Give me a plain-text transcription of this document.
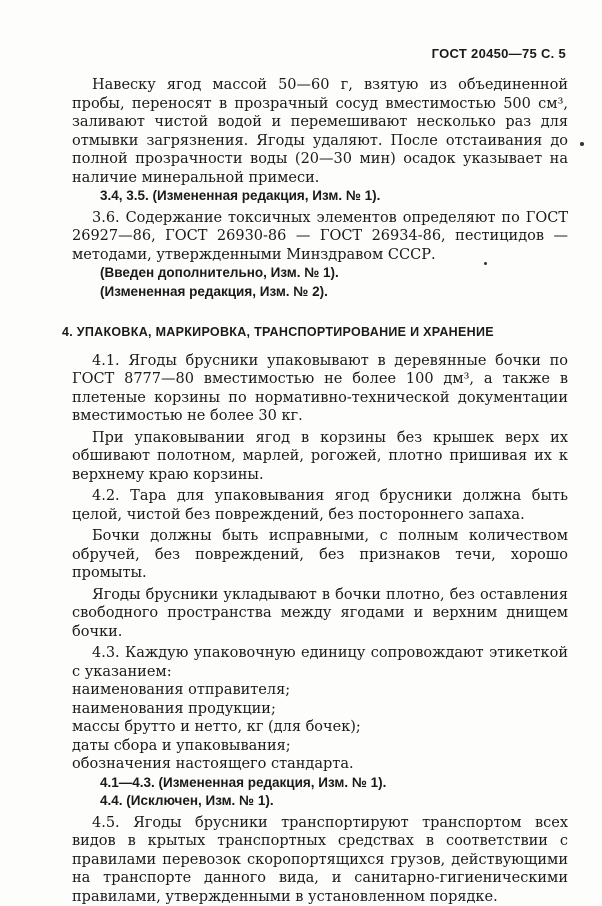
ГОСТ 20450—75 С. 5

Навеску ягод массой 50—60 г, взятую из объединенной пробы, переносят в прозрачный сосуд вместимостью 500 см³, заливают чистой водой и перемешивают несколько раз для отмывки загрязнения. Ягоды удаляют. После отстаивания до полной прозрачности воды (20—30 мин) осадок указывает на наличие минеральной примеси.

3.4, 3.5. (Измененная редакция, Изм. № 1).

3.6. Содержание токсичных элементов определяют по ГОСТ 26927—86, ГОСТ 26930-86 — ГОСТ 26934-86, пестицидов — методами, утвержденными Минздравом СССР.

(Введен дополнительно, Изм. № 1).

(Измененная редакция, Изм. № 2).

4. УПАКОВКА, МАРКИРОВКА, ТРАНСПОРТИРОВАНИЕ И ХРАНЕНИЕ

4.1. Ягоды брусники упаковывают в деревянные бочки по ГОСТ 8777—80 вместимостью не более 100 дм³, а также в плетеные корзины по нормативно-технической документации вместимостью не более 30 кг.

При упаковывании ягод в корзины без крышек верх их обшивают полотном, марлей, рогожей, плотно пришивая их к верхнему краю корзины.

4.2. Тара для упаковывания ягод брусники должна быть целой, чистой без повреждений, без постороннего запаха.

Бочки должны быть исправными, с полным количеством обручей, без повреждений, без признаков течи, хорошо промыты.

Ягоды брусники укладывают в бочки плотно, без оставления свободного пространства между ягодами и верхним днищем бочки.

4.3. Каждую упаковочную единицу сопровождают этикеткой с указанием:

наименования отправителя;

наименования продукции;

массы брутто и нетто, кг (для бочек);

даты сбора и упаковывания;

обозначения настоящего стандарта.

4.1—4.3. (Измененная редакция, Изм. № 1).

4.4. (Исключен, Изм. № 1).

4.5. Ягоды брусники транспортируют транспортом всех видов в крытых транспортных средствах в соответствии с правилами перевозок скоропортящихся грузов, действующими на транспорте данного вида, и санитарно-гигиеническими правилами, утвержденными в установленном порядке.
